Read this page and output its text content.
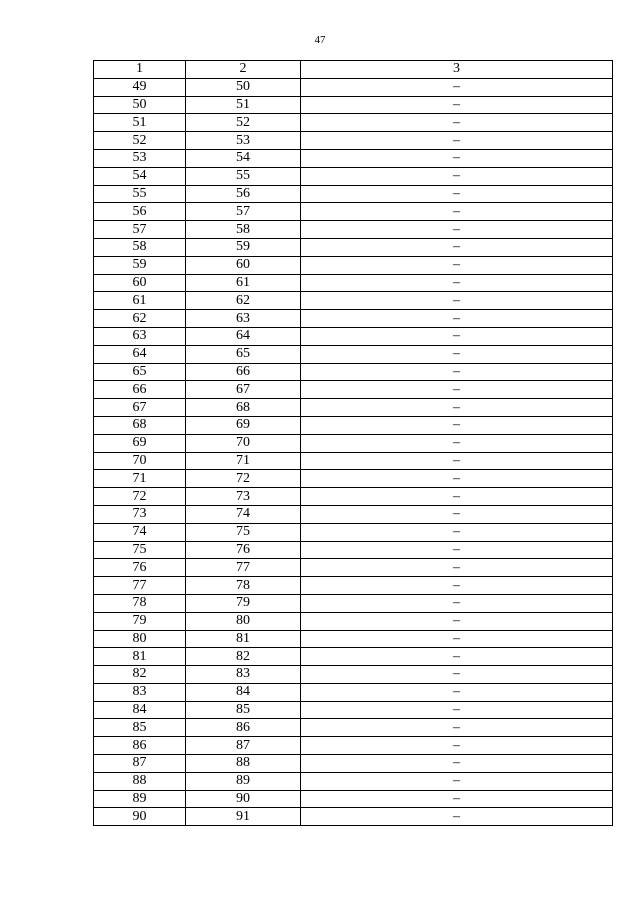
47
1	2	3
49	50	–
50	51	–
51	52	–
52	53	–
53	54	–
54	55	–
55	56	–
56	57	–
57	58	–
58	59	–
59	60	–
60	61	–
61	62	–
62	63	–
63	64	–
64	65	–
65	66	–
66	67	–
67	68	–
68	69	–
69	70	–
70	71	–
71	72	–
72	73	–
73	74	–
74	75	–
75	76	–
76	77	–
77	78	–
78	79	–
79	80	–
80	81	–
81	82	–
82	83	–
83	84	–
84	85	–
85	86	–
86	87	–
87	88	–
88	89	–
89	90	–
90	91	–
